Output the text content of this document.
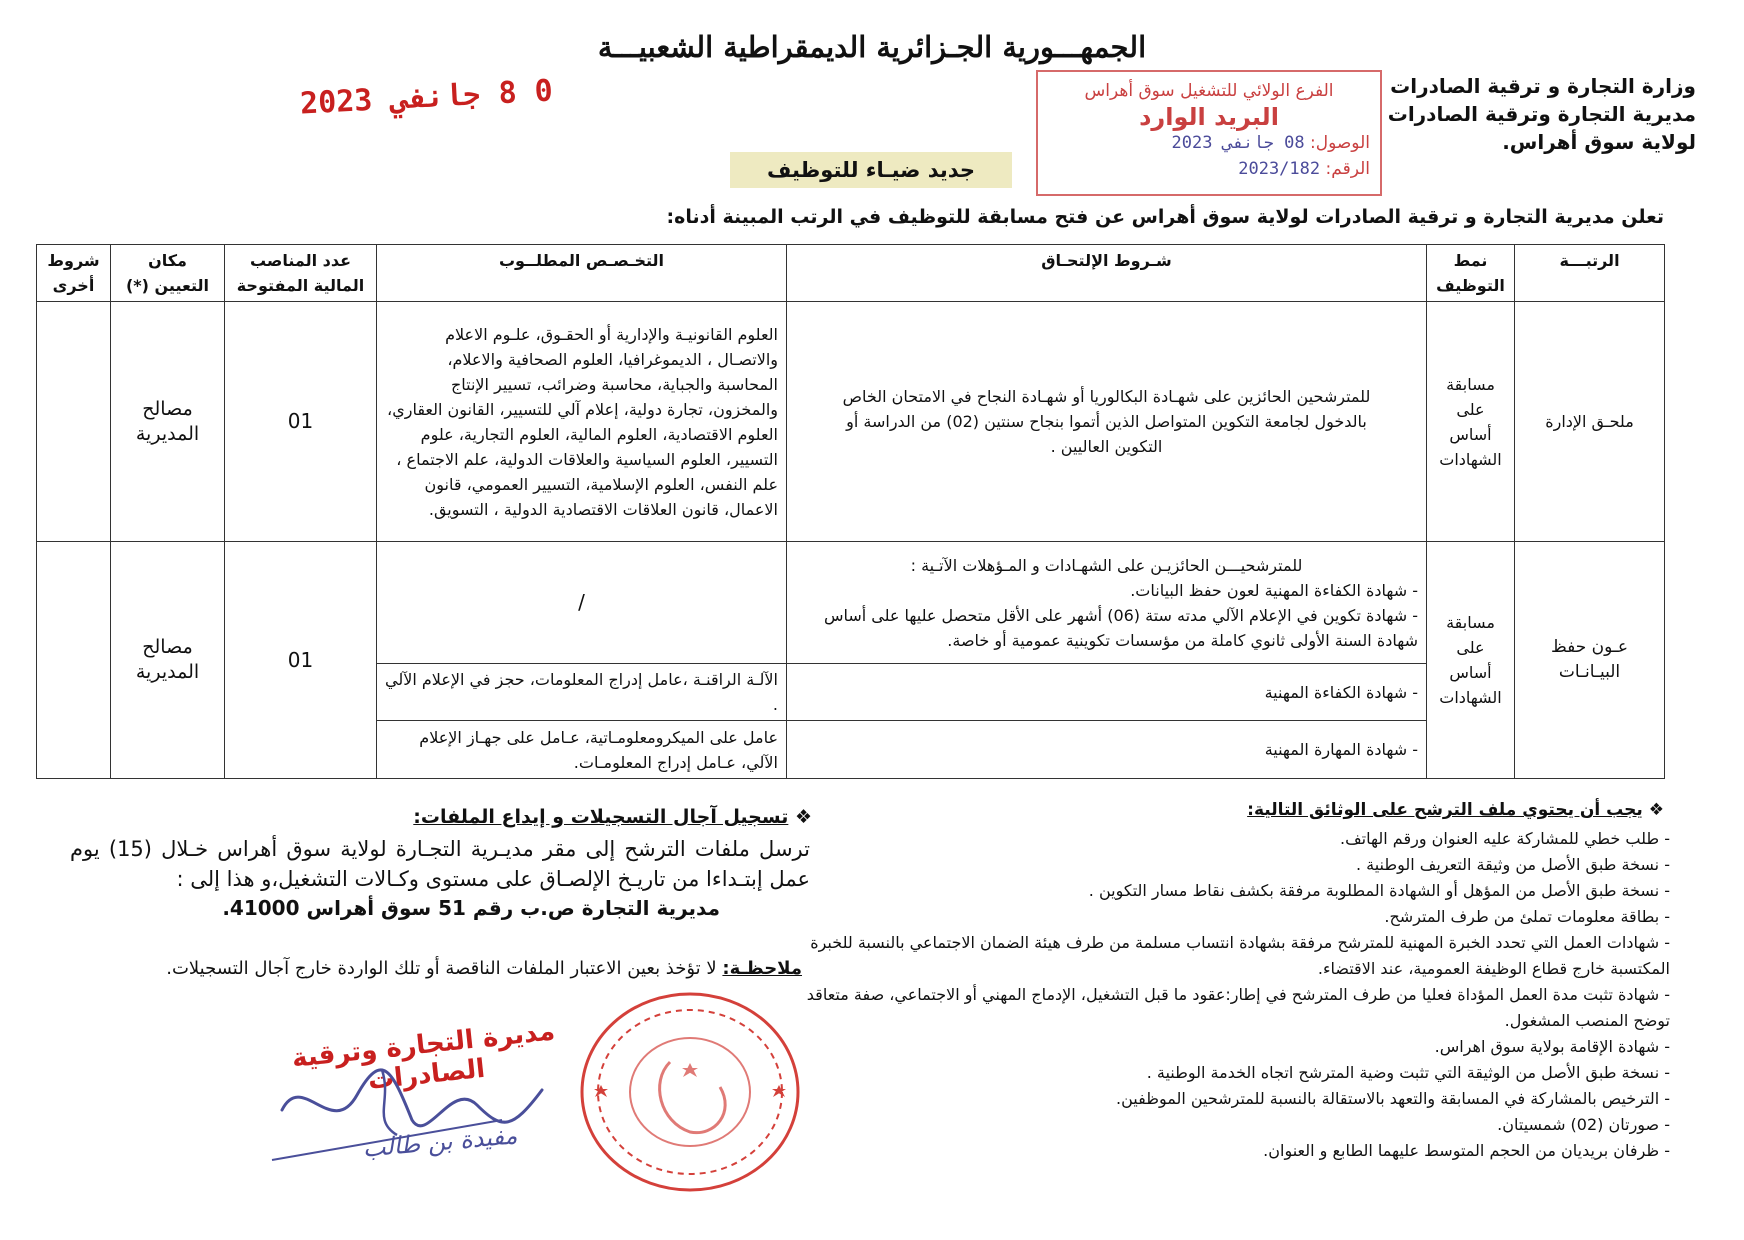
الجمهـــورية الجـزائرية الديمقراطية الشعبيـــة
وزارة التجارة و ترقية الصادرات
مديرية التجارة وترقية الصادرات
لولاية سوق أهراس.
0 8 جانفي 2023	الفرع الولائي للتشغيل سوق أهراس
البريد الوارد
الوصول: 08 جانفي 2023
الرقم: 2023/182
جديد ضيـاء للتوظيف
تعلن مديرية التجارة و ترقية الصادرات لولاية سوق أهراس عن فتح مسابقة للتوظيف في الرتب المبينة أدناه:
الرتبـــة	نمط التوظيف	شـروط الإلتحـاق	التخـصـص المطلــوب	عدد المناصب المالية المفتوحة	مكان التعيين (*)	شروط أخرى
ملحـق الإدارة	مسابقة على أساس الشهادات	للمترشحين الحائزين على شهـادة البكالوريا أو شهـادة النجاح في الامتحان الخاص بالدخول لجامعة التكوين المتواصل الذين أتموا بنجاح سنتين (02) من الدراسة أو التكوين العاليين .	العلوم القانونيـة والإدارية أو الحقـوق، علـوم الاعلام والاتصـال ، الديموغرافيا، العلوم الصحافية والاعلام، المحاسبة والجباية، محاسبة وضرائب، تسيير الإنتاج والمخزون، تجارة دولية، إعلام آلي للتسيير، القانون العقاري، العلوم الاقتصادية، العلوم المالية، العلوم التجارية، علوم التسيير، العلوم السياسية والعلاقات الدولية، علم الاجتماع ، علم النفس، العلوم الإسلامية، التسيير العمومي، قانون الاعمال، قانون العلاقات الاقتصادية الدولية ، التسويق.	01	مصالح المديرية	
عـون حفظ البيـانـات	مسابقة على أساس الشهادات	للمترشحيـــن الحائزيـن على الشهـادات و المـؤهلات الآتـية :
- شهادة الكفاءة المهنية لعون حفظ البيانات.
- شهادة تكوين في الإعلام الآلي مدته ستة (06) أشهر على الأقل متحصل عليها على أساس شهادة السنة الأولى ثانوي كاملة من مؤسسات تكوينية عمومية أو خاصة.	/	01	مصالح المديرية	
		- شهادة الكفاءة المهنية	الآلـة الراقنـة ،عامل إدراج المعلومات، حجز في الإعلام الآلي .			
		- شهادة المهارة المهنية	عامل على الميكرومعلومـاتية، عـامل على جهـاز الإعلام الآلي، عـامل إدراج المعلومـات.			
❖ يجب أن يحتوي ملف الترشح على الوثائق التالية:
- طلب خطي للمشاركة عليه العنوان ورقم الهاتف.
- نسخة طبق الأصل من وثيقة التعريف الوطنية .
- نسخة طبق الأصل من المؤهل أو الشهادة المطلوبة مرفقة بكشف نقاط مسار التكوين .
- بطاقة معلومات تملئ من طرف المترشح.
- شهادات العمل التي تحدد الخبرة المهنية للمترشح مرفقة بشهادة انتساب مسلمة من طرف هيئة الضمان الاجتماعي بالنسبة للخبرة المكتسبة خارج قطاع الوظيفة العمومية، عند الاقتضاء.
- شهادة تثبت مدة العمل المؤداة فعليا من طرف المترشح في إطار:عقود ما قبل التشغيل، الإدماج المهني أو الاجتماعي، صفة متعاقد توضح المنصب المشغول.
- شهادة الإقامة بولاية سوق اهراس.
- نسخة طبق الأصل من الوثيقة التي تثبت وضية المترشح اتجاه الخدمة الوطنية .
- الترخيص بالمشاركة في المسابقة والتعهد بالاستقالة بالنسبة للمترشحين الموظفين.
- صورتان (02) شمسيتان.
- ظرفان بريديان من الحجم المتوسط عليهما الطابع و العنوان.
❖ تسجيل آجال التسجيلات و إيداع الملفات:
ترسل ملفات الترشح إلى مقر مديـرية التجـارة لولاية سوق أهراس خـلال (15) يوم عمل إبتـداءا من تاريـخ الإلصـاق على مستوى وكـالات التشغيل،و هذا إلى :
مديرية التجارة ص.ب رقم 51 سوق أهراس 41000.
ملاحظـة: لا تؤخذ بعين الاعتبار الملفات الناقصة أو تلك الواردة خارج آجال التسجيلات.
مديرة التجارة وترقية الصادرات
مفيدة بن طالب
